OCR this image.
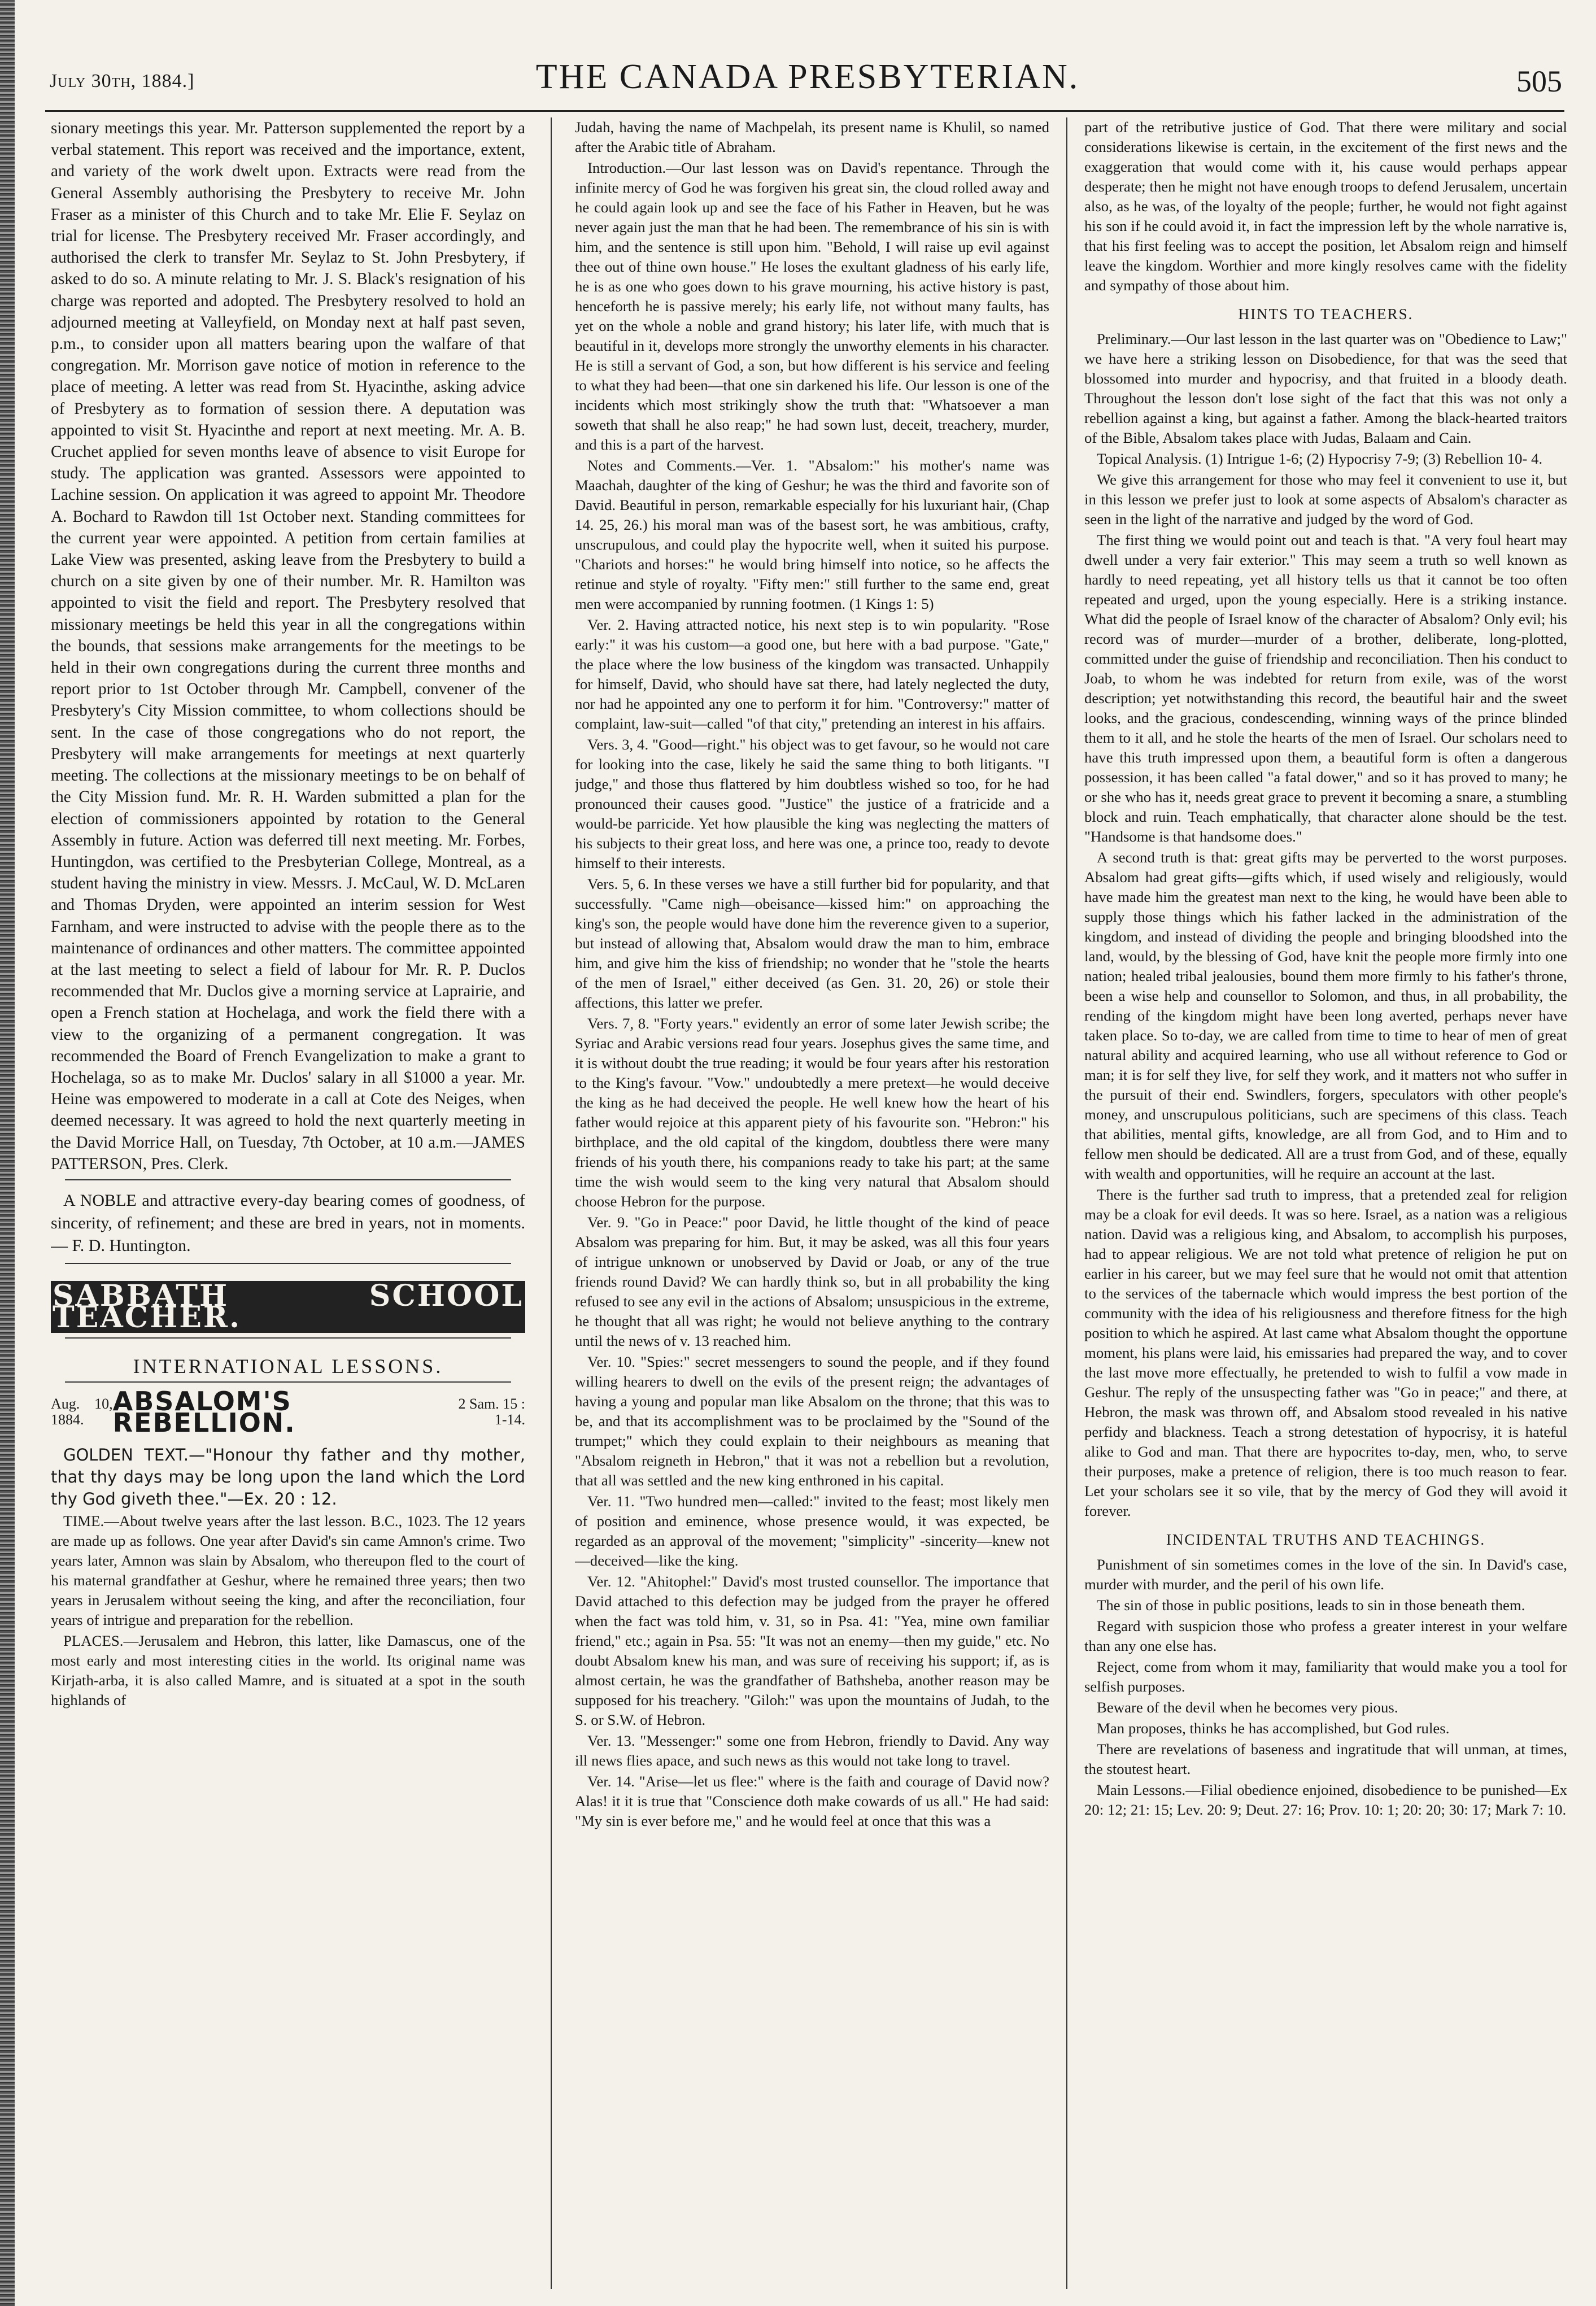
July 30th, 1884.]	THE CANADA PRESBYTERIAN.	505

sionary meetings this year. Mr. Patterson supplemented the report by a verbal statement. This report was received and the importance, extent, and variety of the work dwelt upon. Extracts were read from the General Assembly authorising the Presbytery to receive Mr. John Fraser as a minister of this Church and to take Mr. Elie F. Seylaz on trial for license. The Presbytery received Mr. Fraser accordingly, and authorised the clerk to transfer Mr. Seylaz to St. John Presbytery, if asked to do so. A minute relating to Mr. J. S. Black's resignation of his charge was reported and adopted. The Presbytery resolved to hold an adjourned meeting at Valleyfield, on Monday next at half past seven, p.m., to consider upon all matters bearing upon the walfare of that congregation. Mr. Morrison gave notice of motion in reference to the place of meeting. A letter was read from St. Hyacinthe, asking advice of Presbytery as to formation of session there. A deputation was appointed to visit St. Hyacinthe and report at next meeting. Mr. A. B. Cruchet applied for seven months leave of absence to visit Europe for study. The application was granted. Assessors were appointed to Lachine session. On application it was agreed to appoint Mr. Theodore A. Bochard to Rawdon till 1st October next. Standing committees for the current year were appointed. A petition from certain families at Lake View was presented, asking leave from the Presbytery to build a church on a site given by one of their number. Mr. R. Hamilton was appointed to visit the field and report. The Presbytery resolved that missionary meetings be held this year in all the congregations within the bounds, that sessions make arrangements for the meetings to be held in their own congregations during the current three months and report prior to 1st October through Mr. Campbell, convener of the Presbytery's City Mission committee, to whom collections should be sent. In the case of those congregations who do not report, the Presbytery will make arrangements for meetings at next quarterly meeting. The collections at the missionary meetings to be on behalf of the City Mission fund. Mr. R. H. Warden submitted a plan for the election of commissioners appointed by rotation to the General Assembly in future. Action was deferred till next meeting. Mr. Forbes, Huntingdon, was certified to the Presbyterian College, Montreal, as a student having the ministry in view. Messrs. J. McCaul, W. D. McLaren and Thomas Dryden, were appointed an interim session for West Farnham, and were instructed to advise with the people there as to the maintenance of ordinances and other matters. The committee appointed at the last meeting to select a field of labour for Mr. R. P. Duclos recommended that Mr. Duclos give a morning service at Laprairie, and open a French station at Hochelaga, and work the field there with a view to the organizing of a permanent congregation. It was recommended the Board of French Evangelization to make a grant to Hochelaga, so as to make Mr. Duclos' salary in all $1000 a year. Mr. Heine was empowered to moderate in a call at Cote des Neiges, when deemed necessary. It was agreed to hold the next quarterly meeting in the David Morrice Hall, on Tuesday, 7th October, at 10 a.m.—JAMES PATTERSON, Pres. Clerk.

A NOBLE and attractive every-day bearing comes of goodness, of sincerity, of refinement; and these are bred in years, not in moments.— F. D. Huntington.

SABBATH SCHOOL TEACHER.

INTERNATIONAL LESSONS.

Aug. 10, 1884.
ABSALOM'S REBELLION.
2 Sam. 15 : 1-14.

GOLDEN TEXT.—"Honour thy father and thy mother, that thy days may be long upon the land which the Lord thy God giveth thee."—Ex. 20 : 12.

TIME.—About twelve years after the last lesson. B.C., 1023. The 12 years are made up as follows. One year after David's sin came Amnon's crime. Two years later, Amnon was slain by Absalom, who thereupon fled to the court of his maternal grandfather at Geshur, where he remained three years; then two years in Jerusalem without seeing the king, and after the reconciliation, four years of intrigue and preparation for the rebellion.

PLACES.—Jerusalem and Hebron, this latter, like Damascus, one of the most early and most interesting cities in the world. Its original name was Kirjath-arba, it is also called Mamre, and is situated at a spot in the south highlands of

Judah, having the name of Machpelah, its present name is Khulil, so named after the Arabic title of Abraham.

Introduction.—Our last lesson was on David's repentance. Through the infinite mercy of God he was forgiven his great sin, the cloud rolled away and he could again look up and see the face of his Father in Heaven, but he was never again just the man that he had been. The remembrance of his sin is with him, and the sentence is still upon him. "Behold, I will raise up evil against thee out of thine own house." He loses the exultant gladness of his early life, he is as one who goes down to his grave mourning, his active history is past, henceforth he is passive merely; his early life, not without many faults, has yet on the whole a noble and grand history; his later life, with much that is beautiful in it, develops more strongly the unworthy elements in his character. He is still a servant of God, a son, but how different is his service and feeling to what they had been—that one sin darkened his life. Our lesson is one of the incidents which most strikingly show the truth that: "Whatsoever a man soweth that shall he also reap;" he had sown lust, deceit, treachery, murder, and this is a part of the harvest.

Notes and Comments.—Ver. 1. "Absalom:" his mother's name was Maachah, daughter of the king of Geshur; he was the third and favorite son of David. Beautiful in person, remarkable especially for his luxuriant hair, (Chap 14. 25, 26.) his moral man was of the basest sort, he was ambitious, crafty, unscrupulous, and could play the hypocrite well, when it suited his purpose. "Chariots and horses:" he would bring himself into notice, so he affects the retinue and style of royalty. "Fifty men:" still further to the same end, great men were accompanied by running footmen. (1 Kings 1: 5)

Ver. 2. Having attracted notice, his next step is to win popularity. "Rose early:" it was his custom—a good one, but here with a bad purpose. "Gate," the place where the low business of the kingdom was transacted. Unhappily for himself, David, who should have sat there, had lately neglected the duty, nor had he appointed any one to perform it for him. "Controversy:" matter of complaint, law-suit—called "of that city," pretending an interest in his affairs.

Vers. 3, 4. "Good—right." his object was to get favour, so he would not care for looking into the case, likely he said the same thing to both litigants. "I judge," and those thus flattered by him doubtless wished so too, for he had pronounced their causes good. "Justice" the justice of a fratricide and a would-be parricide. Yet how plausible the king was neglecting the matters of his subjects to their great loss, and here was one, a prince too, ready to devote himself to their interests.

Vers. 5, 6. In these verses we have a still further bid for popularity, and that successfully. "Came nigh—obeisance—kissed him:" on approaching the king's son, the people would have done him the reverence given to a superior, but instead of allowing that, Absalom would draw the man to him, embrace him, and give him the kiss of friendship; no wonder that he "stole the hearts of the men of Israel," either deceived (as Gen. 31. 20, 26) or stole their affections, this latter we prefer.

Vers. 7, 8. "Forty years." evidently an error of some later Jewish scribe; the Syriac and Arabic versions read four years. Josephus gives the same time, and it is without doubt the true reading; it would be four years after his restoration to the King's favour. "Vow." undoubtedly a mere pretext—he would deceive the king as he had deceived the people. He well knew how the heart of his father would rejoice at this apparent piety of his favourite son. "Hebron:" his birthplace, and the old capital of the kingdom, doubtless there were many friends of his youth there, his companions ready to take his part; at the same time the wish would seem to the king very natural that Absalom should choose Hebron for the purpose.

Ver. 9. "Go in Peace:" poor David, he little thought of the kind of peace Absalom was preparing for him. But, it may be asked, was all this four years of intrigue unknown or unobserved by David or Joab, or any of the true friends round David? We can hardly think so, but in all probability the king refused to see any evil in the actions of Absalom; unsuspicious in the extreme, he thought that all was right; he would not believe anything to the contrary until the news of v. 13 reached him.

Ver. 10. "Spies:" secret messengers to sound the people, and if they found willing hearers to dwell on the evils of the present reign; the advantages of having a young and popular man like Absalom on the throne; that this was to be, and that its accomplishment was to be proclaimed by the "Sound of the trumpet;" which they could explain to their neighbours as meaning that "Absalom reigneth in Hebron," that it was not a rebellion but a revolution, that all was settled and the new king enthroned in his capital.

Ver. 11. "Two hundred men—called:" invited to the feast; most likely men of position and eminence, whose presence would, it was expected, be regarded as an approval of the movement; "simplicity" -sincerity—knew not—deceived—like the king.

Ver. 12. "Ahitophel:" David's most trusted counsellor. The importance that David attached to this defection may be judged from the prayer he offered when the fact was told him, v. 31, so in Psa. 41: "Yea, mine own familiar friend," etc.; again in Psa. 55: "It was not an enemy—then my guide," etc. No doubt Absalom knew his man, and was sure of receiving his support; if, as is almost certain, he was the grandfather of Bathsheba, another reason may be supposed for his treachery. "Giloh:" was upon the mountains of Judah, to the S. or S.W. of Hebron.

Ver. 13. "Messenger:" some one from Hebron, friendly to David. Any way ill news flies apace, and such news as this would not take long to travel.

Ver. 14. "Arise—let us flee:" where is the faith and courage of David now? Alas! it it is true that "Conscience doth make cowards of us all." He had said: "My sin is ever before me," and he would feel at once that this was a

part of the retributive justice of God. That there were military and social considerations likewise is certain, in the excitement of the first news and the exaggeration that would come with it, his cause would perhaps appear desperate; then he might not have enough troops to defend Jerusalem, uncertain also, as he was, of the loyalty of the people; further, he would not fight against his son if he could avoid it, in fact the impression left by the whole narrative is, that his first feeling was to accept the position, let Absalom reign and himself leave the kingdom. Worthier and more kingly resolves came with the fidelity and sympathy of those about him.

HINTS TO TEACHERS.

Preliminary.—Our last lesson in the last quarter was on "Obedience to Law;" we have here a striking lesson on Disobedience, for that was the seed that blossomed into murder and hypocrisy, and that fruited in a bloody death. Throughout the lesson don't lose sight of the fact that this was not only a rebellion against a king, but against a father. Among the black-hearted traitors of the Bible, Absalom takes place with Judas, Balaam and Cain.

Topical Analysis. (1) Intrigue 1-6; (2) Hypocrisy 7-9; (3) Rebellion 10- 4.

We give this arrangement for those who may feel it convenient to use it, but in this lesson we prefer just to look at some aspects of Absalom's character as seen in the light of the narrative and judged by the word of God.

The first thing we would point out and teach is that. "A very foul heart may dwell under a very fair exterior." This may seem a truth so well known as hardly to need repeating, yet all history tells us that it cannot be too often repeated and urged, upon the young especially. Here is a striking instance. What did the people of Israel know of the character of Absalom? Only evil; his record was of murder—murder of a brother, deliberate, long-plotted, committed under the guise of friendship and reconciliation. Then his conduct to Joab, to whom he was indebted for return from exile, was of the worst description; yet notwithstanding this record, the beautiful hair and the sweet looks, and the gracious, condescending, winning ways of the prince blinded them to it all, and he stole the hearts of the men of Israel. Our scholars need to have this truth impressed upon them, a beautiful form is often a dangerous possession, it has been called "a fatal dower," and so it has proved to many; he or she who has it, needs great grace to prevent it becoming a snare, a stumbling block and ruin. Teach emphatically, that character alone should be the test. "Handsome is that handsome does."

A second truth is that: great gifts may be perverted to the worst purposes. Absalom had great gifts—gifts which, if used wisely and religiously, would have made him the greatest man next to the king, he would have been able to supply those things which his father lacked in the administration of the kingdom, and instead of dividing the people and bringing bloodshed into the land, would, by the blessing of God, have knit the people more firmly into one nation; healed tribal jealousies, bound them more firmly to his father's throne, been a wise help and counsellor to Solomon, and thus, in all probability, the rending of the kingdom might have been long averted, perhaps never have taken place. So to-day, we are called from time to time to hear of men of great natural ability and acquired learning, who use all without reference to God or man; it is for self they live, for self they work, and it matters not who suffer in the pursuit of their end. Swindlers, forgers, speculators with other people's money, and unscrupulous politicians, such are specimens of this class. Teach that abilities, mental gifts, knowledge, are all from God, and to Him and to fellow men should be dedicated. All are a trust from God, and of these, equally with wealth and opportunities, will he require an account at the last.

There is the further sad truth to impress, that a pretended zeal for religion may be a cloak for evil deeds. It was so here. Israel, as a nation was a religious nation. David was a religious king, and Absalom, to accomplish his purposes, had to appear religious. We are not told what pretence of religion he put on earlier in his career, but we may feel sure that he would not omit that attention to the services of the tabernacle which would impress the best portion of the community with the idea of his religiousness and therefore fitness for the high position to which he aspired. At last came what Absalom thought the opportune moment, his plans were laid, his emissaries had prepared the way, and to cover the last move more effectually, he pretended to wish to fulfil a vow made in Geshur. The reply of the unsuspecting father was "Go in peace;" and there, at Hebron, the mask was thrown off, and Absalom stood revealed in his native perfidy and blackness. Teach a strong detestation of hypocrisy, it is hateful alike to God and man. That there are hypocrites to-day, men, who, to serve their purposes, make a pretence of religion, there is too much reason to fear. Let your scholars see it so vile, that by the mercy of God they will avoid it forever.

INCIDENTAL TRUTHS AND TEACHINGS.

Punishment of sin sometimes comes in the love of the sin. In David's case, murder with murder, and the peril of his own life.

The sin of those in public positions, leads to sin in those beneath them.

Regard with suspicion those who profess a greater interest in your welfare than any one else has.

Reject, come from whom it may, familiarity that would make you a tool for selfish purposes.

Beware of the devil when he becomes very pious.

Man proposes, thinks he has accomplished, but God rules.

There are revelations of baseness and ingratitude that will unman, at times, the stoutest heart.

Main Lessons.—Filial obedience enjoined, disobedience to be punished—Ex 20: 12; 21: 15; Lev. 20: 9; Deut. 27: 16; Prov. 10: 1; 20: 20; 30: 17; Mark 7: 10.
